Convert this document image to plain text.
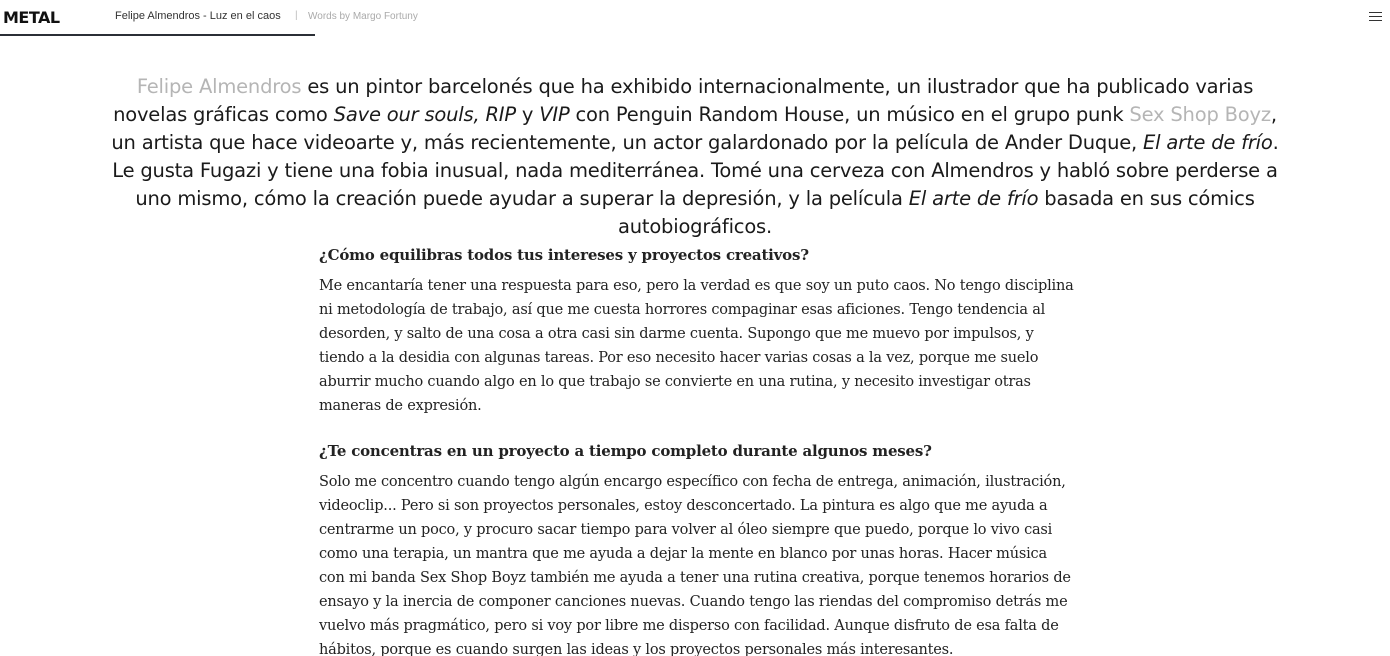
METAL	Felipe Almendros - Luz en el caos | Words by Margo Fortuny

Felipe Almendros es un pintor barcelonés que ha exhibido internacionalmente, un ilustrador que ha publicado varias novelas gráficas como Save our souls, RIP y VIP con Penguin Random House, un músico en el grupo punk Sex Shop Boyz, un artista que hace videoarte y, más recientemente, un actor galardonado por la película de Ander Duque, El arte de frío. Le gusta Fugazi y tiene una fobia inusual, nada mediterránea. Tomé una cerveza con Almendros y habló sobre perderse a uno mismo, cómo la creación puede ayudar a superar la depresión, y la película El arte de frío basada en sus cómics autobiográficos.

¿Cómo equilibras todos tus intereses y proyectos creativos?

Me encantaría tener una respuesta para eso, pero la verdad es que soy un puto caos. No tengo disciplina ni metodología de trabajo, así que me cuesta horrores compaginar esas aficiones. Tengo tendencia al desorden, y salto de una cosa a otra casi sin darme cuenta. Supongo que me muevo por impulsos, y tiendo a la desidia con algunas tareas. Por eso necesito hacer varias cosas a la vez, porque me suelo aburrir mucho cuando algo en lo que trabajo se convierte en una rutina, y necesito investigar otras maneras de expresión.

¿Te concentras en un proyecto a tiempo completo durante algunos meses?

Solo me concentro cuando tengo algún encargo específico con fecha de entrega, animación, ilustración, videoclip... Pero si son proyectos personales, estoy desconcertado. La pintura es algo que me ayuda a centrarme un poco, y procuro sacar tiempo para volver al óleo siempre que puedo, porque lo vivo casi como una terapia, un mantra que me ayuda a dejar la mente en blanco por unas horas. Hacer música con mi banda Sex Shop Boyz también me ayuda a tener una rutina creativa, porque tenemos horarios de ensayo y la inercia de componer canciones nuevas. Cuando tengo las riendas del compromiso detrás me vuelvo más pragmático, pero si voy por libre me disperso con facilidad. Aunque disfruto de esa falta de hábitos, porque es cuando surgen las ideas y los proyectos personales más interesantes.
